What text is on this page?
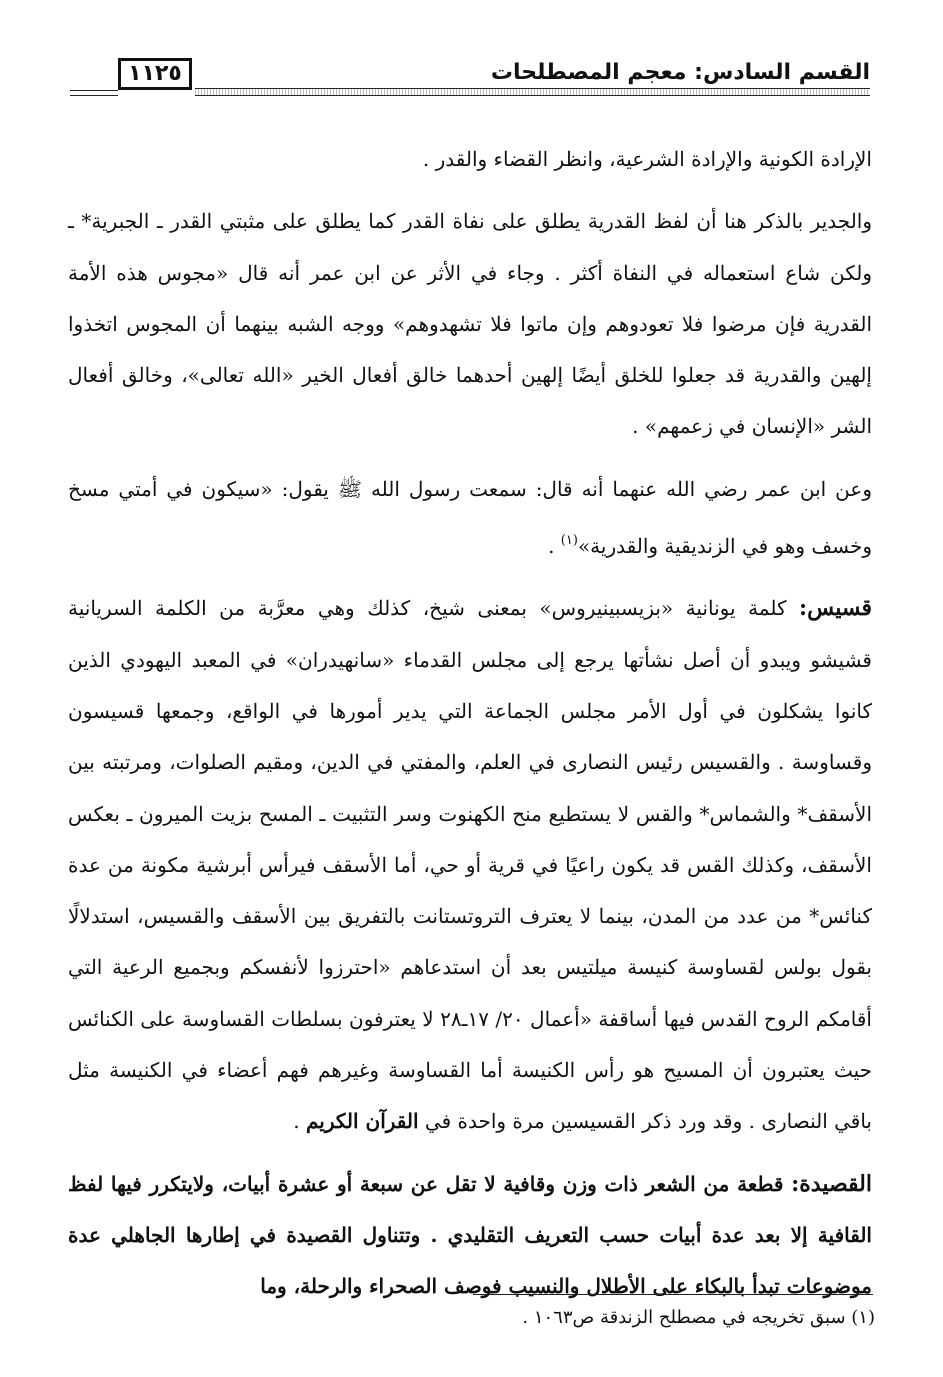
القسم السادس: معجم المصطلحات
١١٢٥

الإرادة الكونية والإرادة الشرعية، وانظر القضاء والقدر .

والجدير بالذكر هنا أن لفظ القدرية يطلق على نفاة القدر كما يطلق على مثبتي القدر ـ الجبرية* ـ ولكن شاع استعماله في النفاة أكثر . وجاء في الأثر عن ابن عمر أنه قال «مجوس هذه الأمة القدرية فإن مرضوا فلا تعودوهم وإن ماتوا فلا تشهدوهم» ووجه الشبه بينهما أن المجوس اتخذوا إلهين والقدرية قد جعلوا للخلق أيضًا إلهين أحدهما خالق أفعال الخير «الله تعالى»، وخالق أفعال الشر «الإنسان في زعمهم» .

وعن ابن عمر رضي الله عنهما أنه قال: سمعت رسول الله ﷺ يقول: «سيكون في أمتي مسخ وخسف وهو في الزنديقية والقدرية»$^{(١)}$ .

قسيس: كلمة يونانية «بزيسبينيروس» بمعنى شيخ، كذلك وهي معرَّبة من الكلمة السريانية قشيشو ويبدو أن أصل نشأتها يرجع إلى مجلس القدماء «سانهيدران» في المعبد اليهودي الذين كانوا يشكلون في أول الأمر مجلس الجماعة التي يدير أمورها في الواقع، وجمعها قسيسون وقساوسة . والقسيس رئيس النصارى في العلم، والمفتي في الدين، ومقيم الصلوات، ومرتبته بين الأسقف* والشماس* والقس لا يستطيع منح الكهنوت وسر التثبيت ـ المسح بزيت الميرون ـ بعكس الأسقف، وكذلك القس قد يكون راعيًا في قرية أو حي، أما الأسقف فيرأس أبرشية مكونة من عدة كنائس* من عدد من المدن، بينما لا يعترف التروتستانت بالتفريق بين الأسقف والقسيس، استدلالًا بقول بولس لقساوسة كنيسة ميلتيس بعد أن استدعاهم «احترزوا لأنفسكم وبجميع الرعية التي أقامكم الروح القدس فيها أساقفة «أعمال ٢٠/ ١٧ـ٢٨ لا يعترفون بسلطات القساوسة على الكنائس حيث يعتبرون أن المسيح هو رأس الكنيسة أما القساوسة وغيرهم فهم أعضاء في الكنيسة مثل باقي النصارى . وقد ورد ذكر القسيسين مرة واحدة في القرآن الكريم .

القصيدة: قطعة من الشعر ذات وزن وقافية لا تقل عن سبعة أو عشرة أبيات، ولايتكرر فيها لفظ القافية إلا بعد عدة أبيات حسب التعريف التقليدي . وتتناول القصيدة في إطارها الجاهلي عدة موضوعات تبدأ بالبكاء على الأطلال والنسيب فوصف الصحراء والرحلة، وما

(١) سبق تخريجه في مصطلح الزندقة ص١٠٦٣ .
